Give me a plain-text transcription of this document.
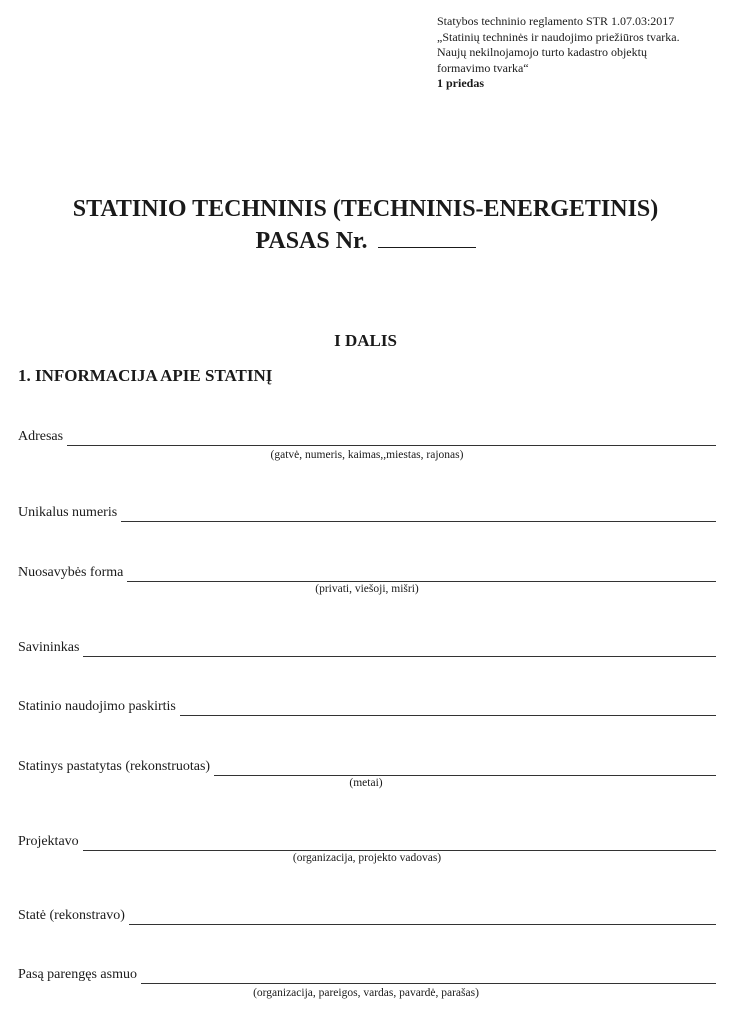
Statybos techninio reglamento STR 1.07.03:2017
„Statinių techninės ir naudojimo priežiūros tvarka.
Naujų nekilnojamojo turto kadastro objektų
formavimo tvarka“
1 priedas
STATINIO TECHNINIS (TECHNINIS-ENERGETINIS)
PASAS Nr.
I DALIS
1. INFORMACIJA APIE STATINĮ
Adresas
(gatvė, numeris, kaimas,,miestas, rajonas)
Unikalus numeris
Nuosavybės forma
(privati, viešoji, mišri)
Savininkas
Statinio naudojimo paskirtis
Statinys pastatytas (rekonstruotas)
(metai)
Projektavo
(organizacija, projekto vadovas)
Statė (rekonstravo)
Pasą parengęs asmuo
(organizacija, pareigos, vardas, pavardė, parašas)
